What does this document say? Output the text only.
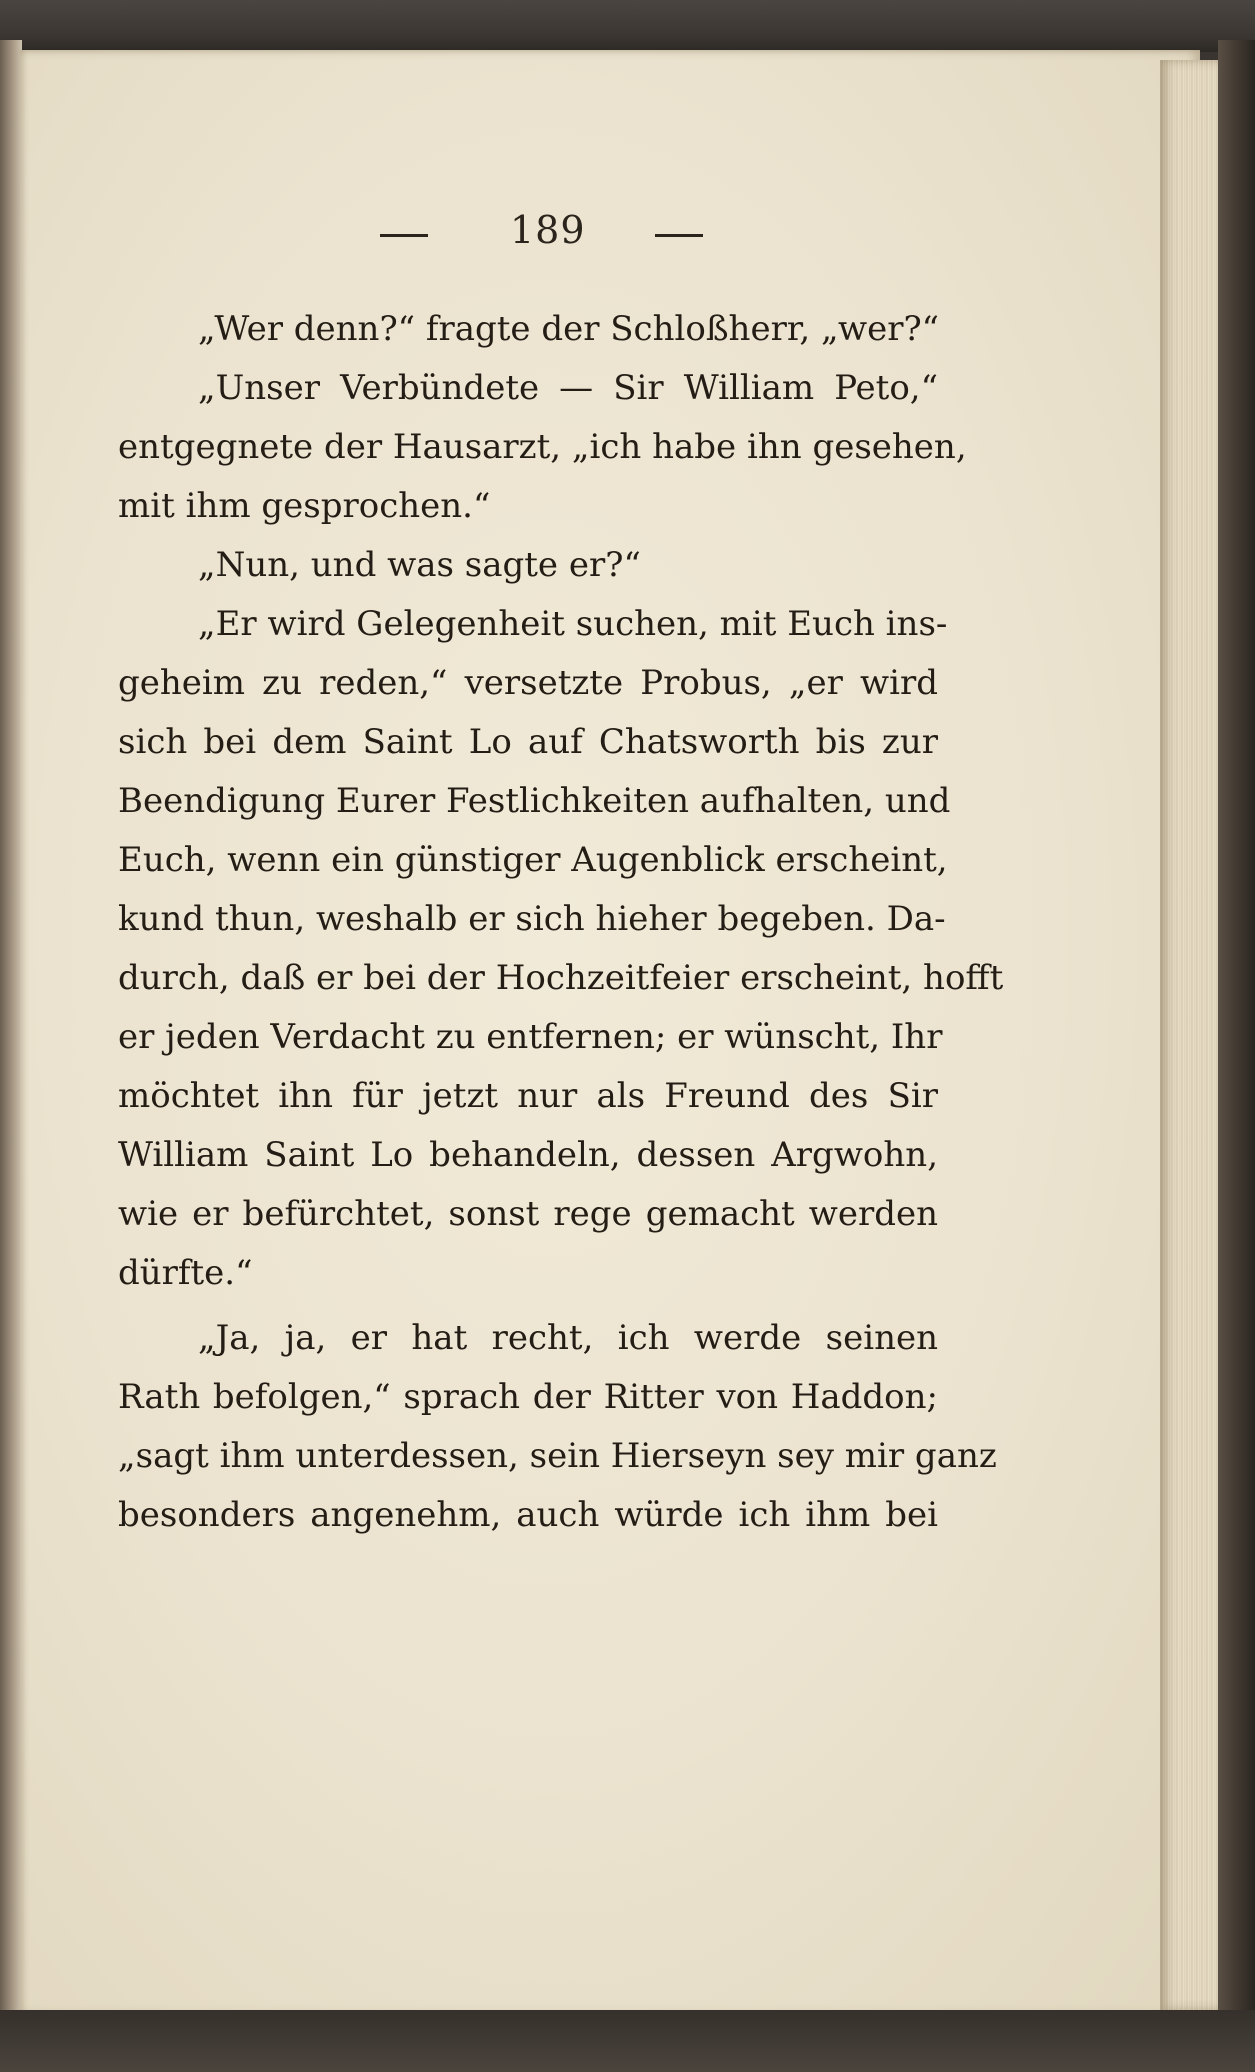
189
„Wer denn?“ fragte der Schloßherr, „wer?“
„Unser Verbündete — Sir William Peto,“
entgegnete der Hausarzt, „ich habe ihn gesehen,
mit ihm gesprochen.“
„Nun, und was sagte er?“
„Er wird Gelegenheit suchen, mit Euch ins-
geheim zu reden,“ versetzte Probus, „er wird
sich bei dem Saint Lo auf Chatsworth bis zur
Beendigung Eurer Festlichkeiten aufhalten, und
Euch, wenn ein günstiger Augenblick erscheint,
kund thun, weshalb er sich hieher begeben. Da-
durch, daß er bei der Hochzeitfeier erscheint, hofft
er jeden Verdacht zu entfernen; er wünscht, Ihr
möchtet ihn für jetzt nur als Freund des Sir
William Saint Lo behandeln, dessen Argwohn,
wie er befürchtet, sonst rege gemacht werden
dürfte.“
„Ja, ja, er hat recht, ich werde seinen
Rath befolgen,“ sprach der Ritter von Haddon;
„sagt ihm unterdessen, sein Hierseyn sey mir ganz
besonders angenehm, auch würde ich ihm bei
